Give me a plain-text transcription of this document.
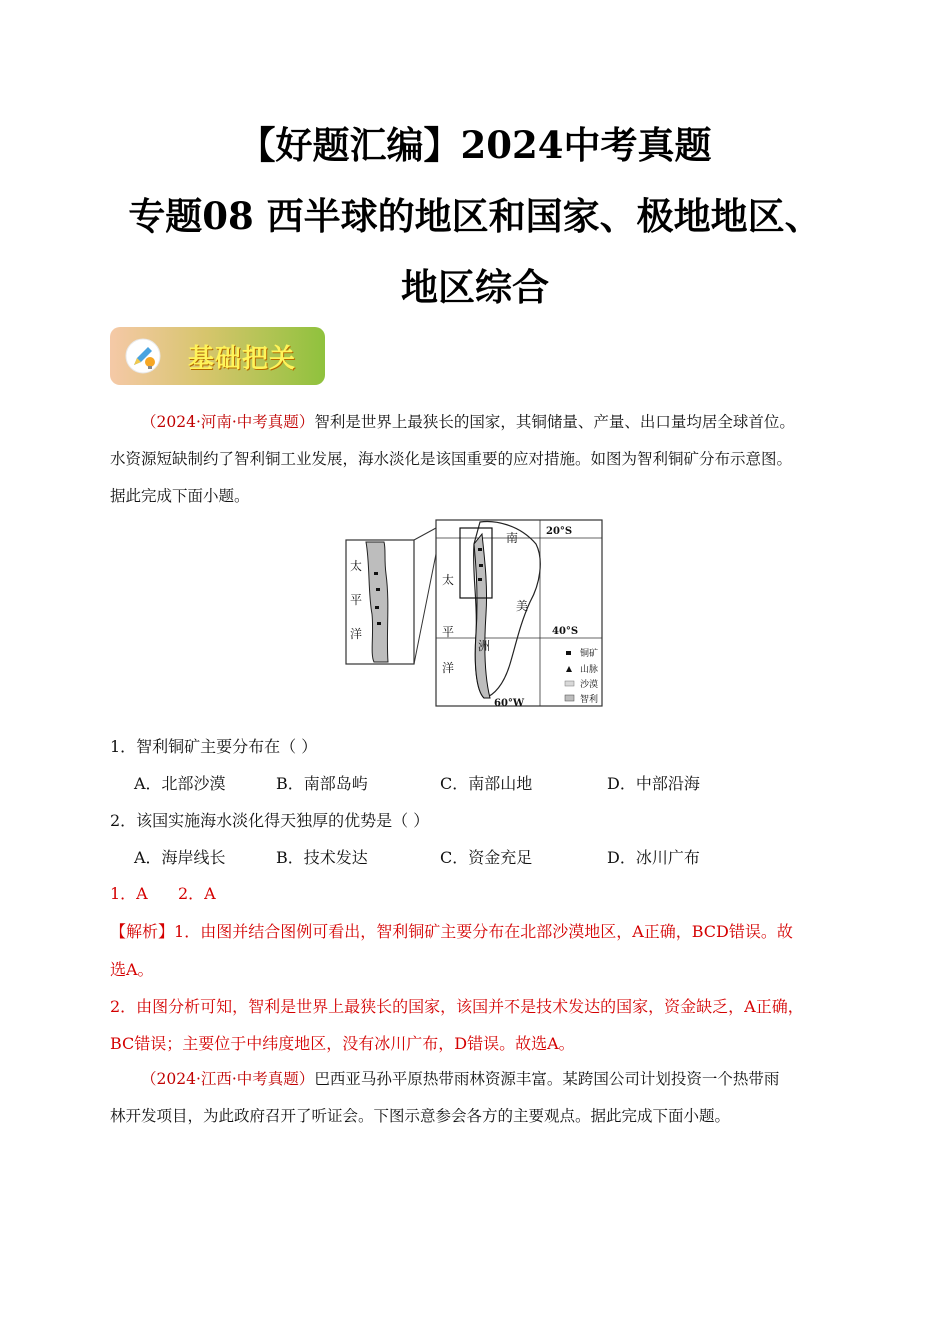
【好题汇编】2024中考真题
专题08 西半球的地区和国家、极地地区、
地区综合
基础把关
（2024·河南·中考真题）智利是世界上最狭长的国家，其铜储量、产量、出口量均居全球首位。
水资源短缺制约了智利铜工业发展，海水淡化是该国重要的应对措施。如图为智利铜矿分布示意图。
据此完成下面小题。
太
平
洋
太
平
洋
南
美
洲
20°S
40°S
60°W
铜矿
山脉
沙漠
智利
1．智利铜矿主要分布在（ ）
A．北部沙漠	B．南部岛屿	C．南部山地	D．中部沿海
2．该国实施海水淡化得天独厚的优势是（ ）
A．海岸线长	B．技术发达	C．资金充足	D．冰川广布
1．A 2．A
【解析】1．由图并结合图例可看出，智利铜矿主要分布在北部沙漠地区，A正确，BCD错误。故
选A。
2．由图分析可知，智利是世界上最狭长的国家，该国并不是技术发达的国家，资金缺乏，A正确，
BC错误；主要位于中纬度地区，没有冰川广布，D错误。故选A。
（2024·江西·中考真题）巴西亚马孙平原热带雨林资源丰富。某跨国公司计划投资一个热带雨
林开发项目，为此政府召开了听证会。下图示意参会各方的主要观点。据此完成下面小题。
